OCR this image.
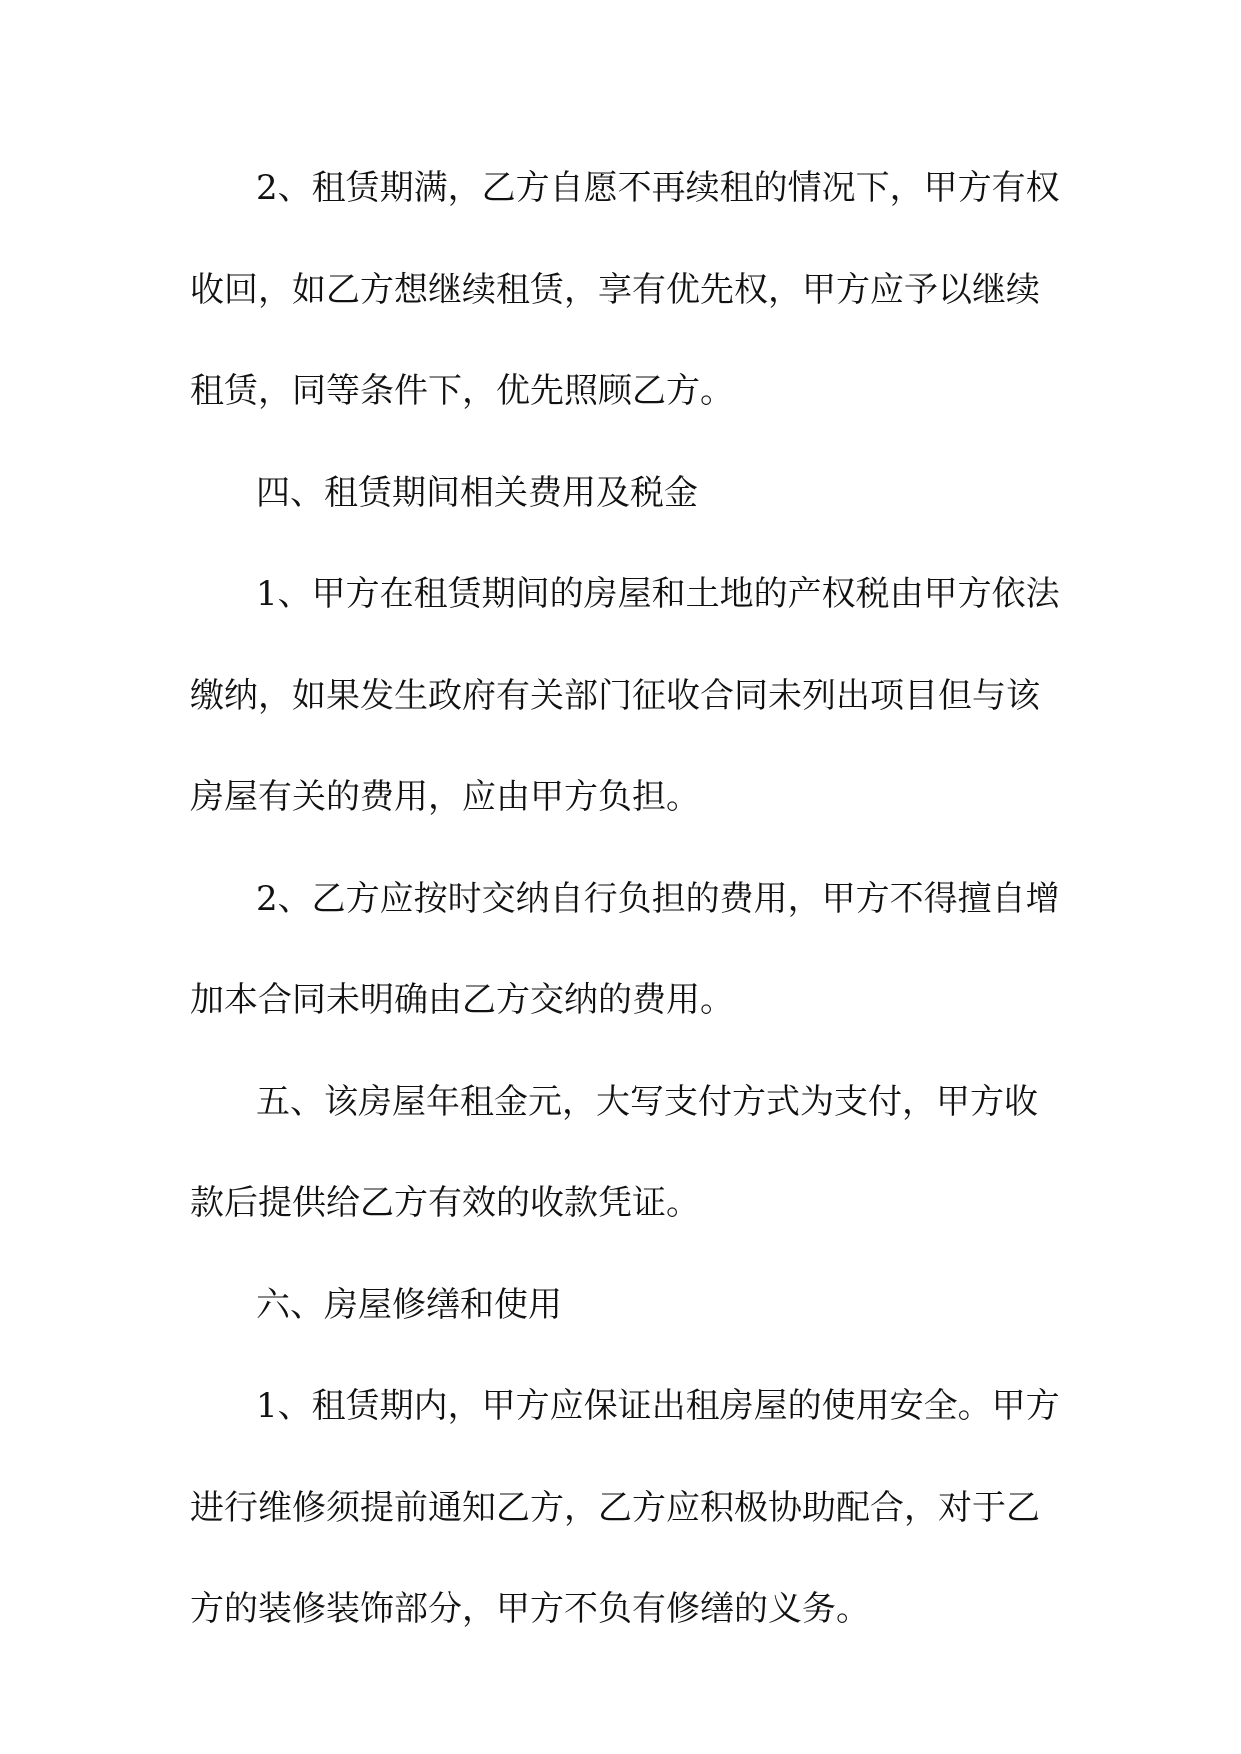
2、租赁期满，乙方自愿不再续租的情况下，甲方有权
收回，如乙方想继续租赁，享有优先权，甲方应予以继续
租赁，同等条件下，优先照顾乙方。
四、租赁期间相关费用及税金
1、甲方在租赁期间的房屋和土地的产权税由甲方依法
缴纳，如果发生政府有关部门征收合同未列出项目但与该
房屋有关的费用，应由甲方负担。
2、乙方应按时交纳自行负担的费用，甲方不得擅自增
加本合同未明确由乙方交纳的费用。
五、该房屋年租金元，大写支付方式为支付，甲方收
款后提供给乙方有效的收款凭证。
六、房屋修缮和使用
1、租赁期内，甲方应保证出租房屋的使用安全。甲方
进行维修须提前通知乙方，乙方应积极协助配合，对于乙
方的装修装饰部分，甲方不负有修缮的义务。
